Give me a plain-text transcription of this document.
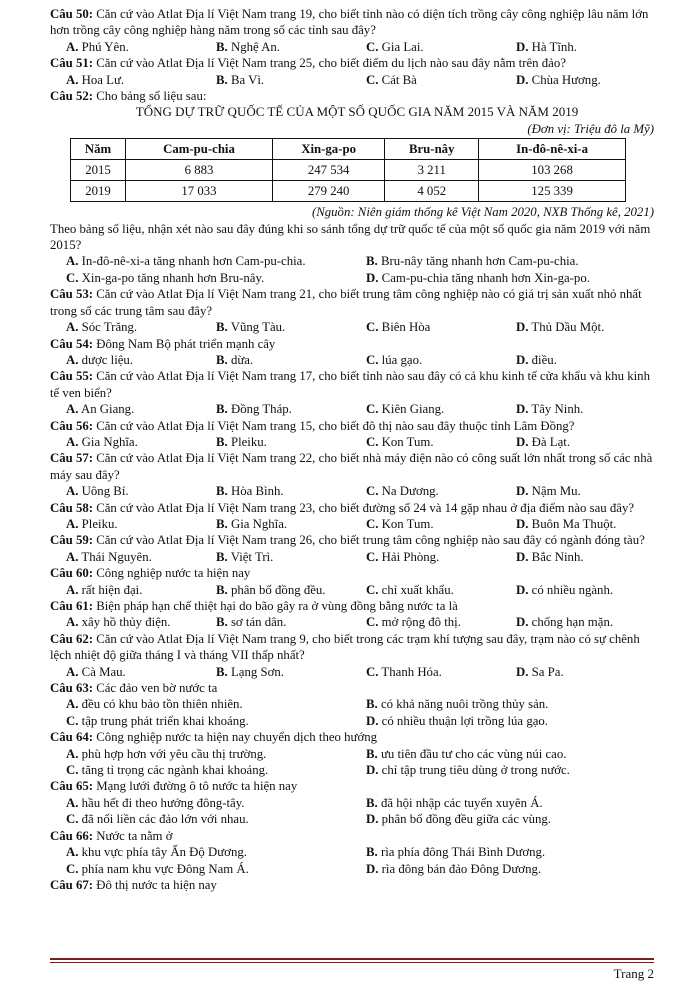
Câu 50: Căn cứ vào Atlat Địa lí Việt Nam trang 19, cho biết tỉnh nào có diện tích trồng cây công nghiệp lâu năm lớn hơn trồng cây công nghiệp hàng năm trong số các tỉnh sau đây?

A. Phú Yên.	B. Nghệ An.	C. Gia Lai.	D. Hà Tĩnh.

Câu 51: Căn cứ vào Atlat Địa lí Việt Nam trang 25, cho biết điểm du lịch nào sau đây nằm trên đảo?

A. Hoa Lư.	B. Ba Vì.	C. Cát Bà	D. Chùa Hương.

Câu 52: Cho bảng số liệu sau:

TỔNG DỰ TRỮ QUỐC TẾ CỦA MỘT SỐ QUỐC GIA NĂM 2015 VÀ NĂM 2019
(Đơn vị: Triệu đô la Mỹ)
Năm	Cam-pu-chia	Xin-ga-po	Bru-nây	In-đô-nê-xi-a
2015	6 883	247 534	3 211	103 268
2019	17 033	279 240	4 052	125 339
(Nguồn: Niên giám thống kê Việt Nam 2020, NXB Thống kê, 2021)
Theo bảng số liệu, nhận xét nào sau đây đúng khi so sánh tổng dự trữ quốc tế của một số quốc gia năm 2019 với năm 2015?
A. In-đô-nê-xi-a tăng nhanh hơn Cam-pu-chia.	B. Bru-nây tăng nhanh hơn Cam-pu-chia.
C. Xin-ga-po tăng nhanh hơn Bru-nây.	D. Cam-pu-chia tăng nhanh hơn Xin-ga-po.

Câu 53: Căn cứ vào Atlat Địa lí Việt Nam trang 21, cho biết trung tâm công nghiệp nào có giá trị sản xuất nhỏ nhất trong số các trung tâm sau đây?

A. Sóc Trăng.	B. Vũng Tàu.	C. Biên Hòa	D. Thủ Dầu Một.

Câu 54: Đông Nam Bộ phát triển mạnh cây

A. dược liệu.	B. dừa.	C. lúa gạo.	D. điều.

Câu 55: Căn cứ vào Atlat Địa lí Việt Nam trang 17, cho biết tỉnh nào sau đây có cả khu kinh tế cửa khẩu và khu kinh tế ven biển?

A. An Giang.	B. Đồng Tháp.	C. Kiên Giang.	D. Tây Ninh.

Câu 56: Căn cứ vào Atlat Địa lí Việt Nam trang 15, cho biết đô thị nào sau đây thuộc tỉnh Lâm Đồng?

A. Gia Nghĩa.	B. Pleiku.	C. Kon Tum.	D. Đà Lạt.

Câu 57: Căn cứ vào Atlat Địa lí Việt Nam trang 22, cho biết nhà máy điện nào có công suất lớn nhất trong số các nhà máy sau đây?

A. Uông Bí.	B. Hòa Bình.	C. Na Dương.	D. Nậm Mu.

Câu 58: Căn cứ vào Atlat Địa lí Việt Nam trang 23, cho biết đường số 24 và 14 gặp nhau ở địa điểm nào sau đây?

A. Pleiku.	B. Gia Nghĩa.	C. Kon Tum.	D. Buôn Ma Thuột.

Câu 59: Căn cứ vào Atlat Địa lí Việt Nam trang 26, cho biết trung tâm công nghiệp nào sau đây có ngành đóng tàu?

A. Thái Nguyên.	B. Việt Trì.	C. Hải Phòng.	D. Bắc Ninh.

Câu 60: Công nghiệp nước ta hiện nay

A. rất hiện đại.	B. phân bố đồng đều.	C. chỉ xuất khẩu.	D. có nhiều ngành.

Câu 61: Biện pháp hạn chế thiệt hại do bão gây ra ở vùng đồng bằng nước ta là

A. xây hồ thủy điện.	B. sơ tán dân.	C. mở rộng đô thị.	D. chống hạn mặn.

Câu 62: Căn cứ vào Atlat Địa lí Việt Nam trang 9, cho biết trong các trạm khí tượng sau đây, trạm nào có sự chênh lệch nhiệt độ giữa tháng I và tháng VII thấp nhất?

A. Cà Mau.	B. Lạng Sơn.	C. Thanh Hóa.	D. Sa Pa.

Câu 63: Các đảo ven bờ nước ta

A. đều có khu bảo tồn thiên nhiên.	B. có khả năng nuôi trồng thủy sản.
C. tập trung phát triển khai khoáng.	D. có nhiều thuận lợi trồng lúa gạo.

Câu 64: Công nghiệp nước ta hiện nay chuyển dịch theo hướng

A. phù hợp hơn với yêu cầu thị trường.	B. ưu tiên đầu tư cho các vùng núi cao.
C. tăng tỉ trọng các ngành khai khoáng.	D. chỉ tập trung tiêu dùng ở trong nước.

Câu 65: Mạng lưới đường ô tô nước ta hiện nay

A. hầu hết đi theo hướng đông-tây.	B. đã hội nhập các tuyến xuyên Á.
C. đã nối liền các đảo lớn với nhau.	D. phân bố đồng đều giữa các vùng.

Câu 66: Nước ta nằm ở

A. khu vực phía tây Ấn Độ Dương.	B. rìa phía đông Thái Bình Dương.
C. phía nam khu vực Đông Nam Á.	D. rìa đông bán đảo Đông Dương.

Câu 67: Đô thị nước ta hiện nay

Trang 2
